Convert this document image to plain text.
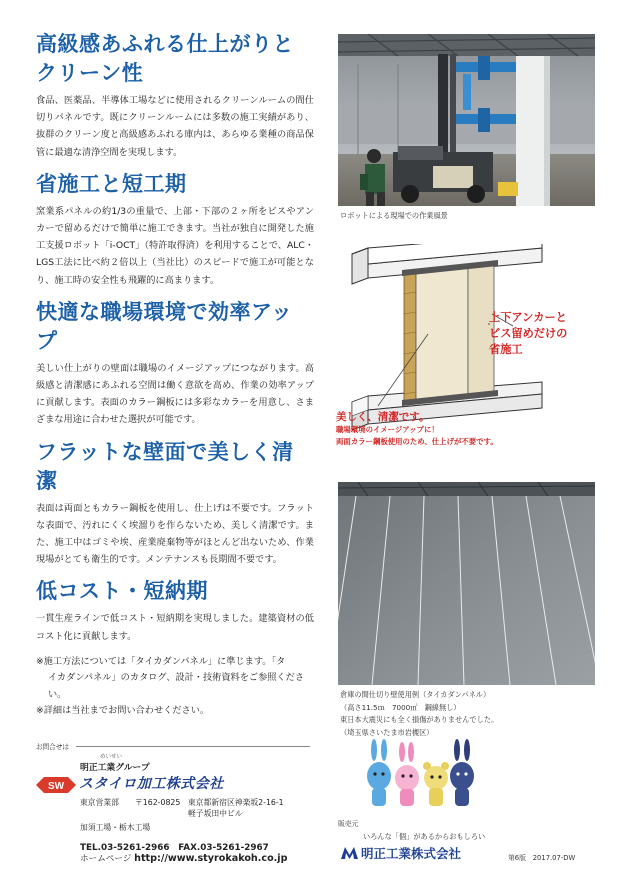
高級感あふれる仕上がりと
クリーン性
食品、医薬品、半導体工場などに使用されるクリーンルームの間仕切りパネルです。既にクリーンルームには多数の施工実績があり、抜群のクリーン度と高級感あふれる庫内は、あらゆる業種の商品保管に最適な清浄空間を実現します。
省施工と短工期
窯業系パネルの約1/3の重量で、上部・下部の２ヶ所をビスやアンカーで留めるだけで簡単に施工できます。当社が独自に開発した施工支援ロボット「i-OCT」（特許取得済）を利用することで、ALC・LGS工法に比べ約２倍以上（当社比）のスピードで施工が可能となり、施工時の安全性も飛躍的に高まります。
快適な職場環境で効率アップ
美しい仕上がりの壁面は職場のイメージアップにつながります。高級感と清潔感にあふれる空間は働く意欲を高め、作業の効率アップに貢献します。表面のカラー鋼板には多彩なカラーを用意し、さまざまな用途に合わせた選択が可能です。
フラットな壁面で美しく清潔
表面は両面ともカラー鋼板を使用し、仕上げは不要です。フラットな表面で、汚れにくく埃溜りを作らないため、美しく清潔です。また、施工中はゴミや埃、産業廃棄物等がほとんど出ないため、作業現場がとても衛生的です。メンテナンスも長期間不要です。
低コスト・短納期
一貫生産ラインで低コスト・短納期を実現しました。建築資材の低コスト化に貢献します。
※施工方法については「タイカダンパネル」に準じます。「タ
イカダンパネル」のカタログ、設計・技術資料をご参照ください。
※詳細は当社までお問い合わせください。
ロボットによる現場での作業風景
上下アンカーと
ビス留めだけの
省施工
美しく、清潔です。
職場環境のイメージアップに！
両面カラー鋼板使用のため、仕上げが不要です。
倉庫の間仕切り壁使用例（タイカダンパネル）
（高さ11.5ｍ　7000㎡　鋼線無し）
東日本大震災にも全く損傷がありませんでした。
（埼玉県さいたま市岩槻区）
お問合せは
めいせい
明正工業グループ
SW スタイロ加工株式会社
東京営業部 〒162-0825 東京都新宿区神楽坂2-16-1
軽子坂田中ビル
加須工場・栃木工場
TEL.03-5261-2966　FAX.03-5261-2967
ホームページ http://www.styrokakoh.co.jp
販売元
いろんな「個」があるからおもしろい
明正工業株式会社	第6版　2017.07-DW
